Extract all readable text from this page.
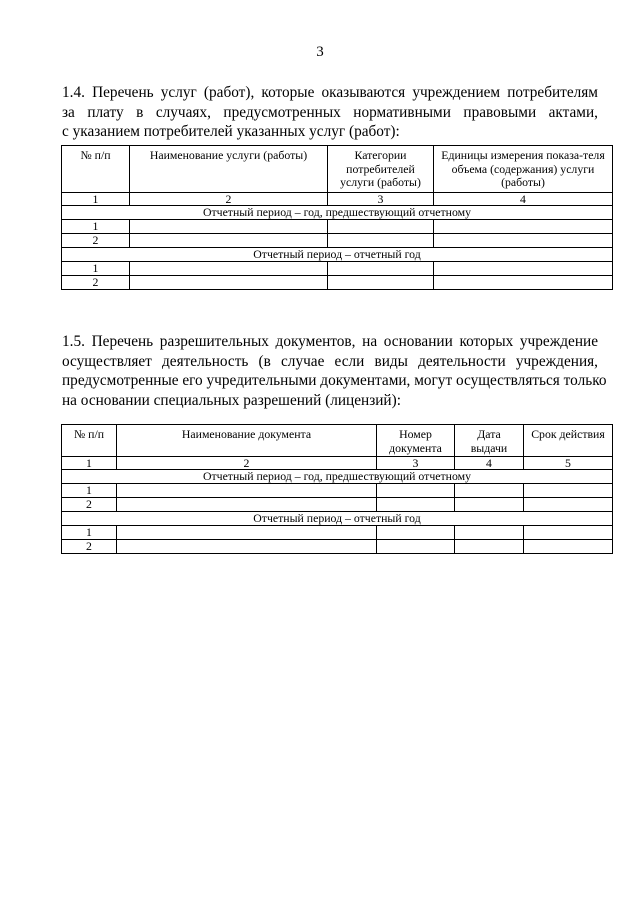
3

1.4. Перечень услуг (работ), которые оказываются учреждением потребителям
за плату в случаях, предусмотренных нормативными правовыми актами,
с указанием потребителей указанных услуг (работ):

№ п/п	Наименование услуги (работы)	Категории потребителей услуги (работы)	Единицы измерения показа-теля объема (содержания) услуги (работы)
1	2	3	4
Отчетный период – год, предшествующий отчетному			
1			
2			
Отчетный период – отчетный год			
1			
2			

1.5. Перечень разрешительных документов, на основании которых учреждение
осуществляет деятельность (в случае если виды деятельности учреждения,
предусмотренные его учредительными документами, могут осуществляться только
на основании специальных разрешений (лицензий):

№ п/п	Наименование документа	Номер документа	Дата выдачи	Срок действия
1	2	3	4	5
Отчетный период – год, предшествующий отчетному				
1				
2				
Отчетный период – отчетный год				
1				
2				
